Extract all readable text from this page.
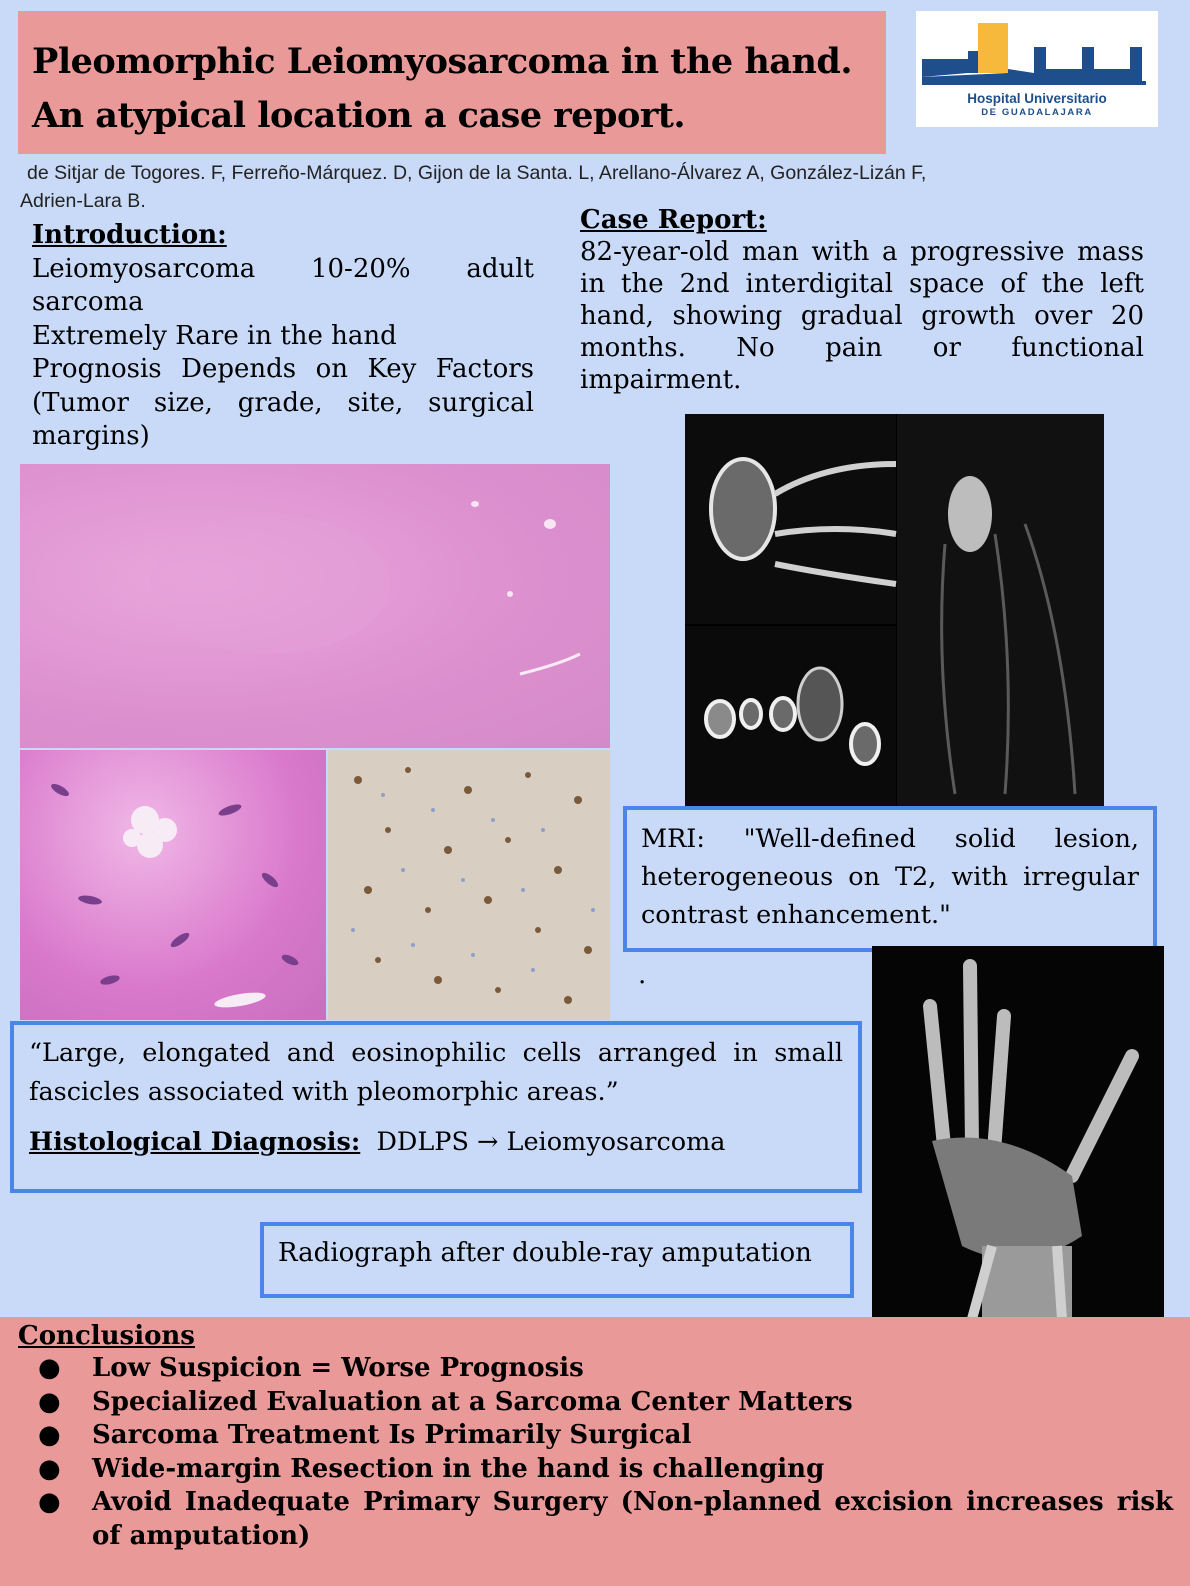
Pleomorphic Leiomyosarcoma in the hand.
An atypical location a case report.	Hospital Universitario
DE GUADALAJARA
de Sitjar de Togores. F, Ferreño-Márquez. D, Gijon de la Santa. L, Arellano-Álvarez A, González-Lizán F,
Adrien-Lara B.
Introduction:
Leiomyosarcoma 10-20% adult
sarcoma
Extremely Rare in the hand
Prognosis Depends on Key Factors
(Tumor size, grade, site, surgical
margins)
Case Report:
82-year-old man with a progressive mass in the 2nd interdigital space of the left hand, showing gradual growth over 20 months. No pain or functional impairment.
MRI: "Well-defined solid lesion, heterogeneous on T2, with irregular contrast enhancement."
.
“Large, elongated and eosinophilic cells arranged in small fascicles associated with pleomorphic areas.”
Histological Diagnosis: DDLPS → Leiomyosarcoma
Radiograph after double-ray amputation
Conclusions
● Low Suspicion = Worse Prognosis
● Specialized Evaluation at a Sarcoma Center Matters
● Sarcoma Treatment Is Primarily Surgical
● Wide-margin Resection in the hand is challenging
● Avoid Inadequate Primary Surgery (Non-planned excision increases risk of amputation)
